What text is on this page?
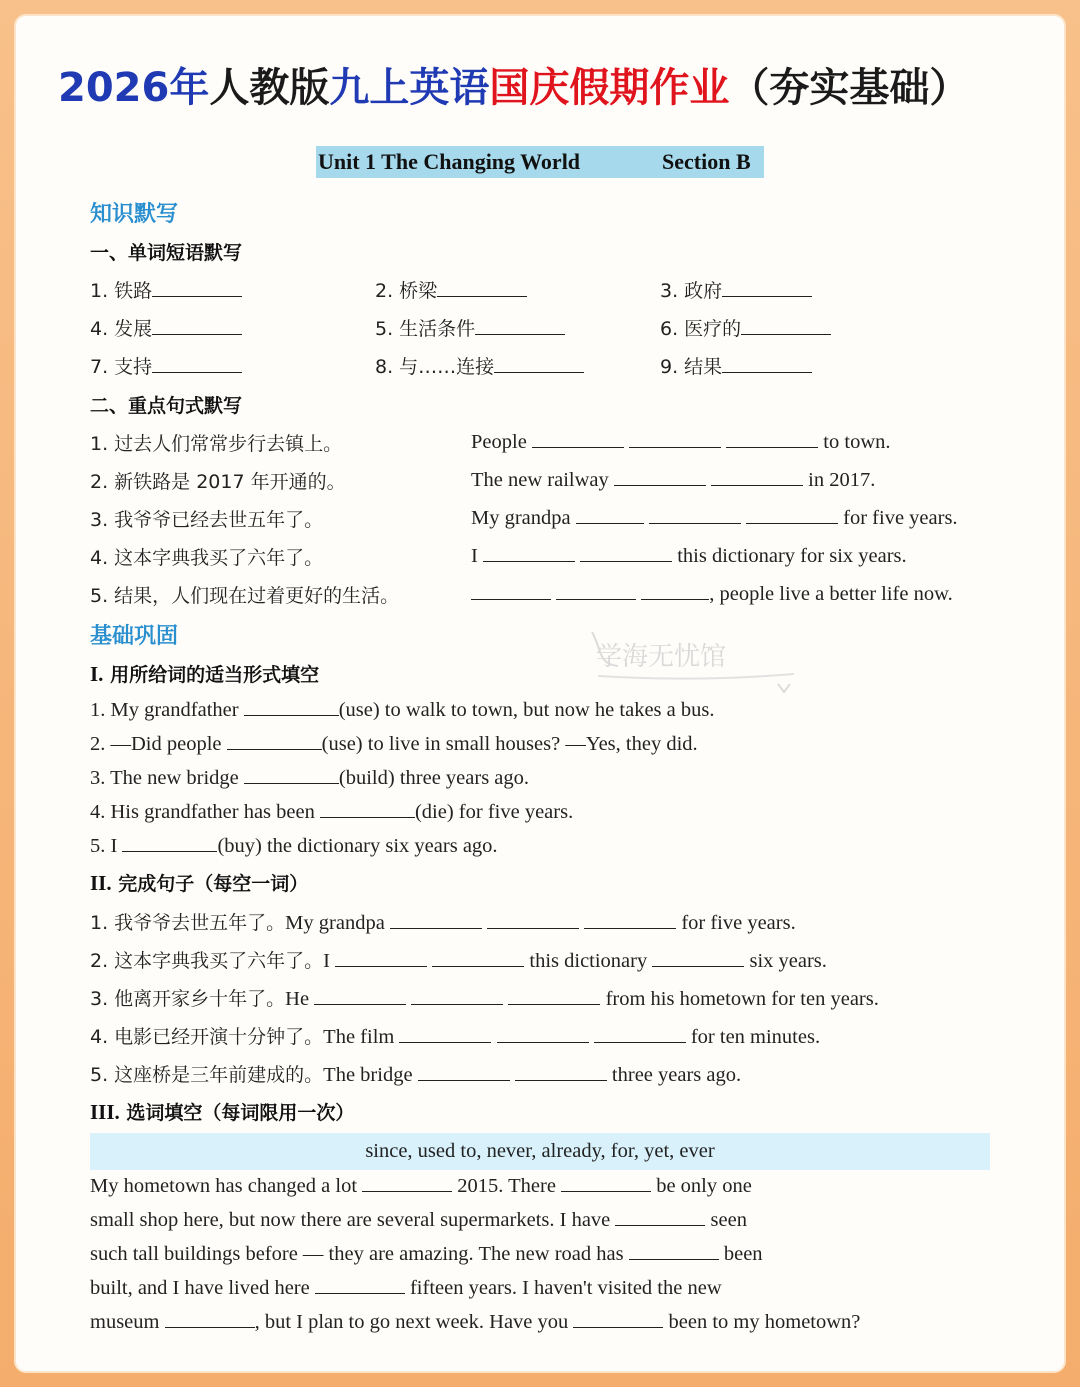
2026年人教版九上英语国庆假期作业（夯实基础）
Unit 1 The Changing World	Section B
知识默写
一、单词短语默写
1. 铁路	2. 桥梁	3. 政府
4. 发展	5. 生活条件	6. 医疗的
7. 支持	8. 与……连接	9. 结果
二、重点句式默写
1. 过去人们常常步行去镇上。	People	to town.
2. 新铁路是 2017 年开通的。	The new railway	in 2017.
3. 我爷爷已经去世五年了。	My grandpa	for five years.
4. 这本字典我买了六年了。	I	this dictionary for six years.
5. 结果，人们现在过着更好的生活。	, people live a better life now.
基础巩固
学海无忧馆
I. 用所给词的适当形式填空
1. My grandfather	(use) to walk to town, but now he takes a bus.
2. —Did people	(use) to live in small houses? —Yes, they did.
3. The new bridge	(build) three years ago.
4. His grandfather has been	(die) for five years.
5. I	(buy) the dictionary six years ago.
II. 完成句子（每空一词）
1. 我爷爷去世五年了。My grandpa	for five years.
2. 这本字典我买了六年了。I	this dictionary	six years.
3. 他离开家乡十年了。He	from his hometown for ten years.
4. 电影已经开演十分钟了。The film	for ten minutes.
5. 这座桥是三年前建成的。The bridge	three years ago.
III. 选词填空（每词限用一次）
since, used to, never, already, for, yet, ever
My hometown has changed a lot	2015. There	be only one
small shop here, but now there are several supermarkets. I have	seen
such tall buildings before — they are amazing. The new road has	been
built, and I have lived here	fifteen years. I haven't visited the new
museum	, but I plan to go next week. Have you	been to my hometown?
